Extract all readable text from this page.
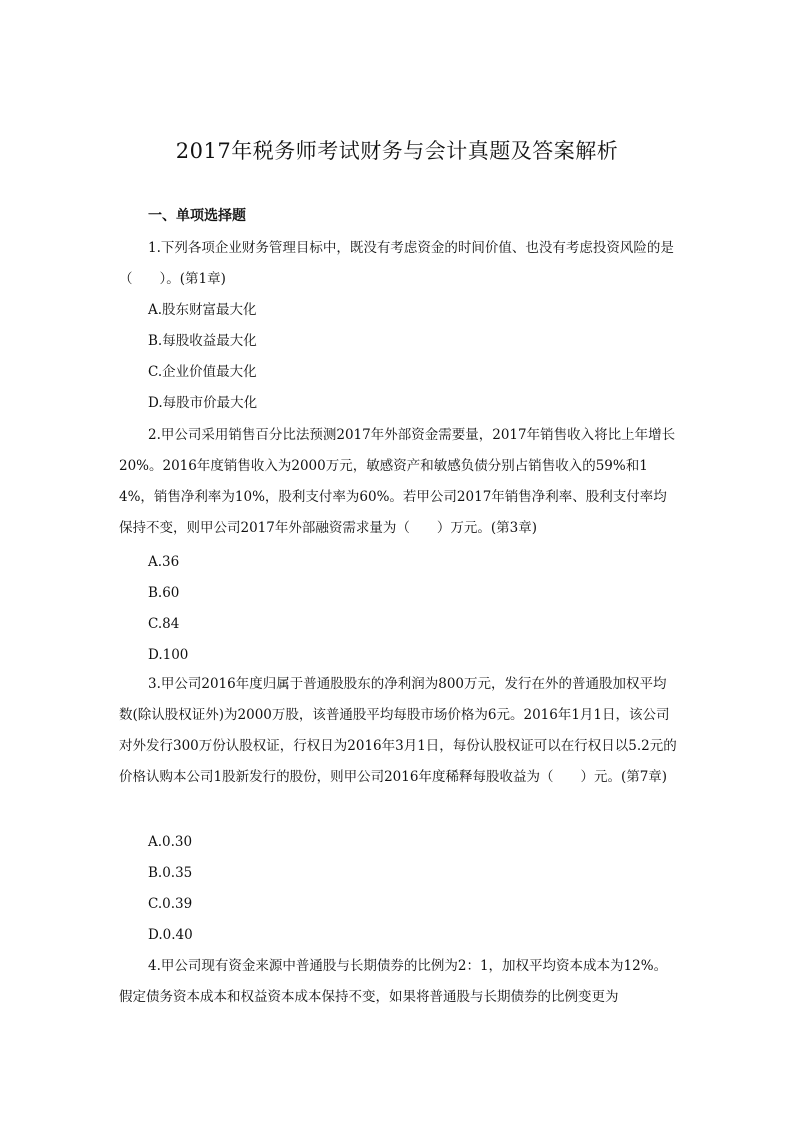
2017年税务师考试财务与会计真题及答案解析
一、单项选择题

1.下列各项企业财务管理目标中，既没有考虑资金的时间价值、也没有考虑投资风险的是（　　）。(第1章)

A.股东财富最大化
B.每股收益最大化
C.企业价值最大化
D.每股市价最大化

2.甲公司采用销售百分比法预测2017年外部资金需要量，2017年销售收入将比上年增长20%。2016年度销售收入为2000万元，敏感资产和敏感负债分别占销售收入的59%和14%，销售净利率为10%，股利支付率为60%。若甲公司2017年销售净利率、股利支付率均保持不变，则甲公司2017年外部融资需求量为（　　）万元。(第3章)

A.36
B.60
C.84
D.100

3.甲公司2016年度归属于普通股股东的净利润为800万元，发行在外的普通股加权平均数(除认股权证外)为2000万股，该普通股平均每股市场价格为6元。2016年1月1日，该公司对外发行300万份认股权证，行权日为2016年3月1日，每份认股权证可以在行权日以5.2元的价格认购本公司1股新发行的股份，则甲公司2016年度稀释每股收益为（　　）元。(第7章)

A.0.30
B.0.35
C.0.39
D.0.40

4.甲公司现有资金来源中普通股与长期债券的比例为2：1，加权平均资本成本为12%。假定债务资本成本和权益资本成本保持不变，如果将普通股与长期债券的比例变更为
